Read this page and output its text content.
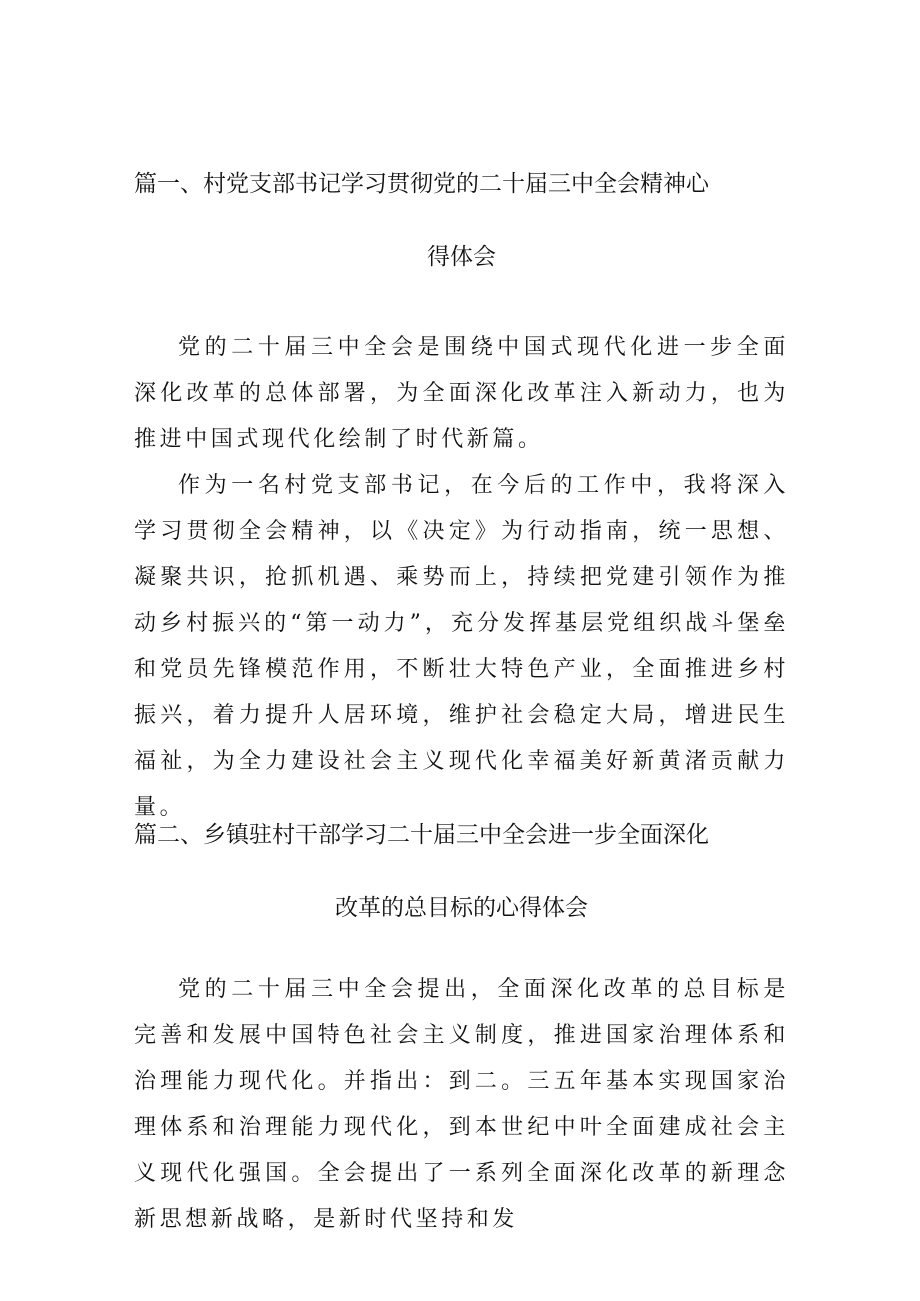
篇一、村党支部书记学习贯彻党的二十届三中全会精神心
得体会

党的二十届三中全会是围绕中国式现代化进一步全面深化改革的总体部署，为全面深化改革注入新动力，也为推进中国式现代化绘制了时代新篇。

作为一名村党支部书记，在今后的工作中，我将深入学习贯彻全会精神，以《决定》为行动指南，统一思想、凝聚共识，抢抓机遇、乘势而上，持续把党建引领作为推动乡村振兴的“第一动力”，充分发挥基层党组织战斗堡垒和党员先锋模范作用，不断壮大特色产业，全面推进乡村振兴，着力提升人居环境，维护社会稳定大局，增进民生福祉，为全力建设社会主义现代化幸福美好新黄渚贡献力量。

篇二、乡镇驻村干部学习二十届三中全会进一步全面深化
改革的总目标的心得体会

党的二十届三中全会提出，全面深化改革的总目标是完善和发展中国特色社会主义制度，推进国家治理体系和治理能力现代化。并指出：到二。三五年基本实现国家治理体系和治理能力现代化，到本世纪中叶全面建成社会主义现代化强国。全会提出了一系列全面深化改革的新理念新思想新战略，是新时代坚持和发
